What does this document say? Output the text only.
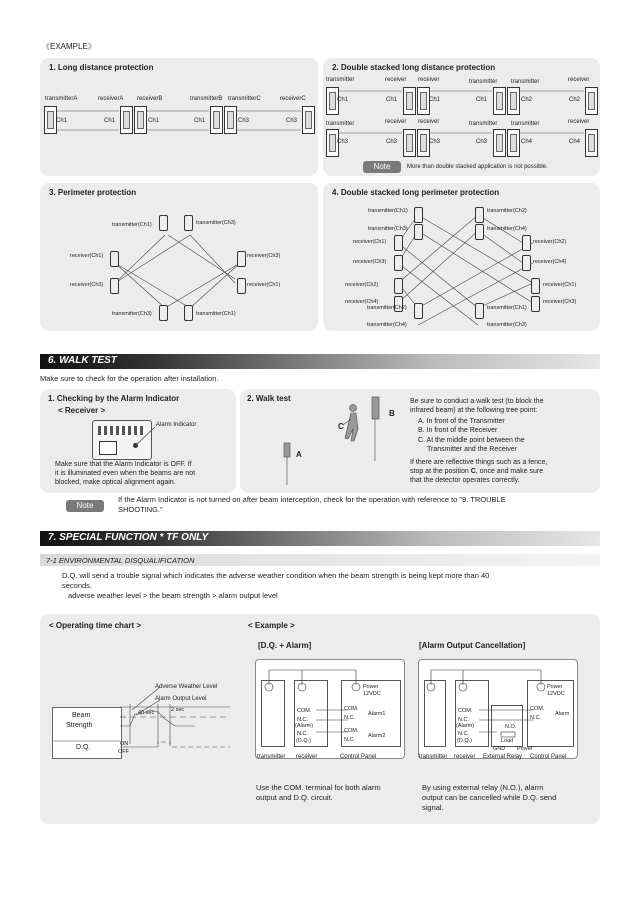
《EXAMPLE》
1. Long distance protection
transmitterA	receiverA receiverB	transmitterB transmitterC	receiverC
Ch1	Ch1	Ch1	Ch1	Ch3	Ch3
2. Double stacked long distance protection
transmitter	receiver receiver	transmitter transmitter	receiver
transmitter	receiver receiver	transmitter transmitter	receiver
Ch1	Ch1	Ch1	Ch1	Ch2	Ch2
Ch3	Ch3	Ch3	Ch3	Ch4	Ch4
Note	More than double stacked application is not possible.
3. Perimeter protection
transmitter(Ch1)	transmitter(Ch3)
receiver(Ch1)	receiver(Ch3)
receiver(Ch3)	receiver(Ch1)
transmitter(Ch3)	transmitter(Ch1)
4. Double stacked long perimeter protection
transmitter(Ch1)	transmitter(Ch2)
transmitter(Ch3)	transmitter(Ch4)
receiver(Ch1)	receiver(Ch2)
receiver(Ch3)	receiver(Ch4)
receiver(Ch2)	receiver(Ch1)
receiver(Ch4)	receiver(Ch3)
transmitter(Ch2)	transmitter(Ch1)
transmitter(Ch4)	transmitter(Ch3)
6. WALK TEST
Make sure to check for the operation after installation.
1. Checking by the Alarm Indicator
< Receiver >
Alarm Indicator
Make sure that the Alarm Indicator is OFF. If
it is illuminated even when the beams are not
blocked, make optical alignment again.
2. Walk test
A
B
C
Be sure to conduct a walk test (to block the
infrared beam) at the following tree point:
A. In front of the Transmitter
B. In front of the Receiver
C. At the middle point between the
Transmitter and the Receiver
If there are reflective things such as a fence,
stop at the position C, once and make sure
that the detector operates correctly.
Note
If the Alarm Indicator is not turned on after beam interception, check for the operation with reference to "9. TROUBLE
SHOOTING."
7. SPECIAL FUNCTION * TF ONLY
7-1 ENVIRONMENTAL DISQUALIFICATION
D.Q. will send a trouble signal which indicates the adverse weather condition when the beam strength is being kept more than 40
seconds.
adverse weather level > the beam strength > alarm output level
< Operating time chart >
Adverse Weather Level
Alarm Output Level
40 sec	2 sec
Beam
Strength
D.Q.	ON
OFF
< Example >
[D.Q. + Alarm]	[Alarm Output Cancellation]
Power
12VDC
COM.
N.C.
(Alarm)
N.C.
(D.Q.)
COM.
N.C.
COM.
N.C.
Alarm1
Alarm2
transmitter receiver	Control Panel
Power
12VDC
COM.
N.C.
(Alarm)
N.C.
(D.Q.)
COM.
N.C.
Alarm
N.O.
Load
GND Power
transmitter receiver External Relay Control Panel
Use the COM. terminal for both alarm
output and D.Q. circuit.
By using external relay (N.O.), alarm
output can be cancelled while D.Q. send
signal.
